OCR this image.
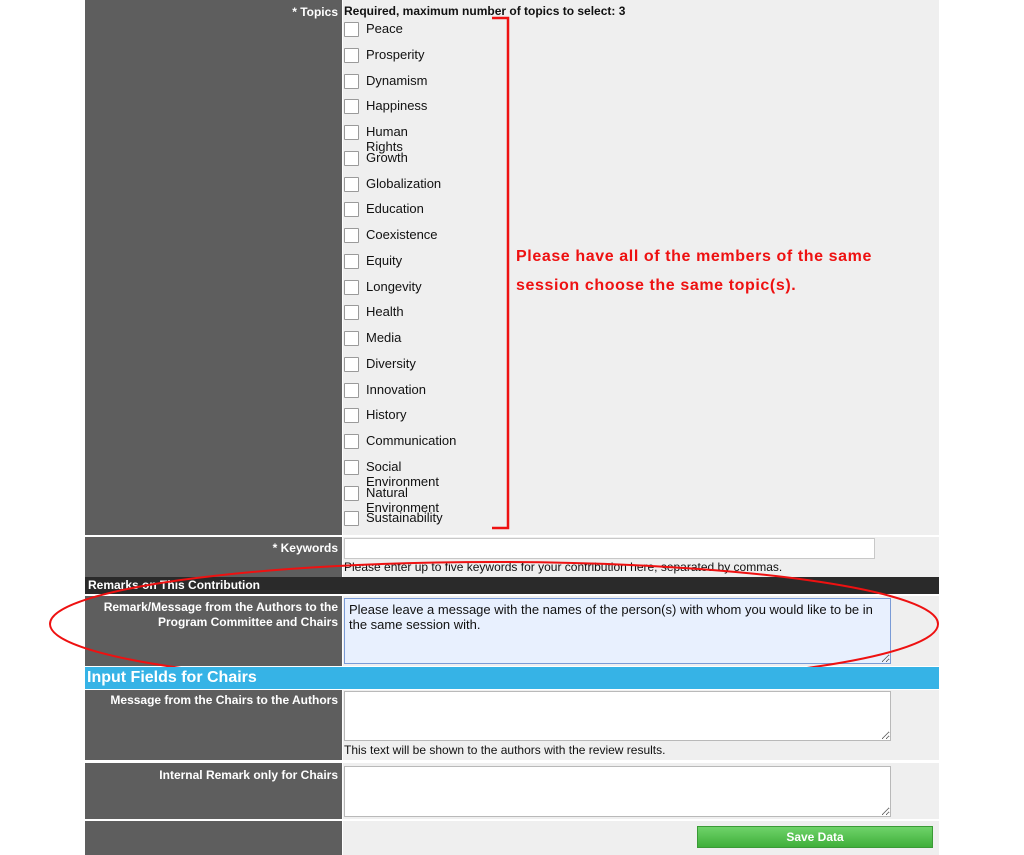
* Topics Required, maximum number of topics to select: 3
Peace
Prosperity
Dynamism
Happiness
Human Rights
Growth
Globalization
Education
Coexistence
Equity
Longevity
Health
Media
Diversity
Innovation
History
Communication
Social Environment
Natural Environment
Sustainability
Please have all of the members of the same
session choose the same topic(s).
* Keywords
Please enter up to five keywords for your contribution here, separated by commas.
Remarks on This Contribution
Remark/Message from the Authors to the Program Committee and Chairs
Please leave a message with the names of the person(s) with whom you would like to be in the same session with.
Input Fields for Chairs
Message from the Chairs to the Authors
This text will be shown to the authors with the review results.
Internal Remark only for Chairs
Save Data
